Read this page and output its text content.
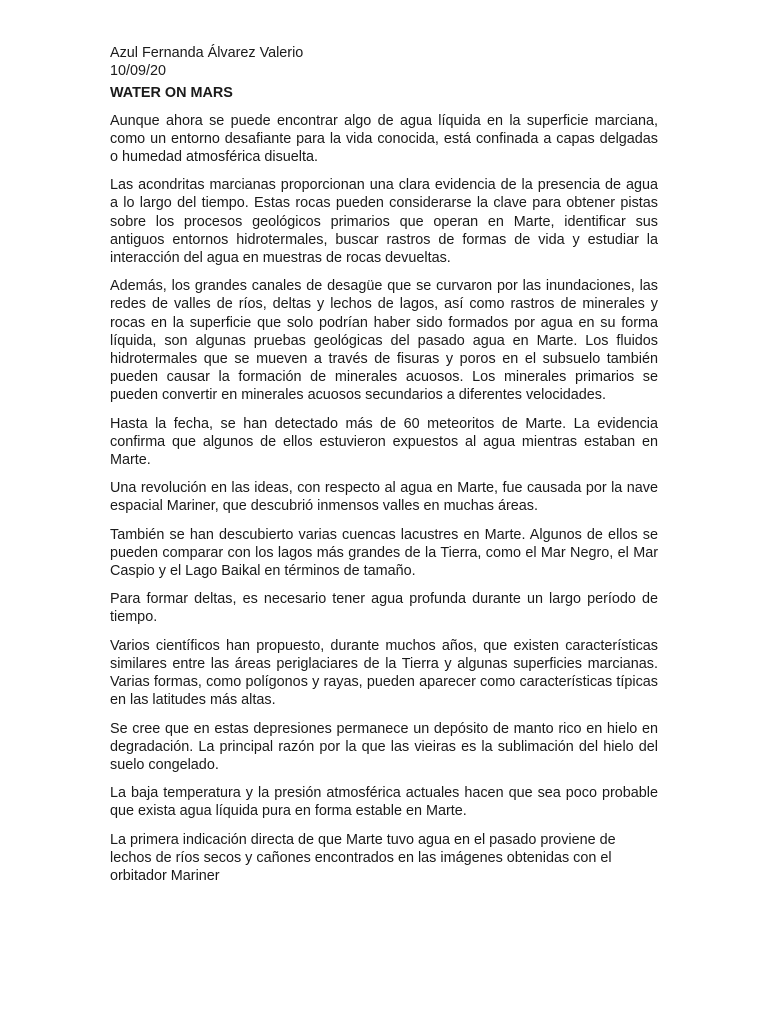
Azul Fernanda Álvarez Valerio

10/09/20

WATER ON MARS

Aunque ahora se puede encontrar algo de agua líquida en la superficie marciana, como un entorno desafiante para la vida conocida, está confinada a capas delgadas o humedad atmosférica disuelta.

Las acondritas marcianas proporcionan una clara evidencia de la presencia de agua a lo largo del tiempo. Estas rocas pueden considerarse la clave para obtener pistas sobre los procesos geológicos primarios que operan en Marte, identificar sus antiguos entornos hidrotermales, buscar rastros de formas de vida y estudiar la interacción del agua en muestras de rocas devueltas.

Además, los grandes canales de desagüe que se curvaron por las inundaciones, las redes de valles de ríos, deltas y lechos de lagos, así como rastros de minerales y rocas en la superficie que solo podrían haber sido formados por agua en su forma líquida, son algunas pruebas geológicas del pasado agua en Marte. Los fluidos hidrotermales que se mueven a través de fisuras y poros en el subsuelo también pueden causar la formación de minerales acuosos. Los minerales primarios se pueden convertir en minerales acuosos secundarios a diferentes velocidades.

Hasta la fecha, se han detectado más de 60 meteoritos de Marte. La evidencia confirma que algunos de ellos estuvieron expuestos al agua mientras estaban en Marte.

Una revolución en las ideas, con respecto al agua en Marte, fue causada por la nave espacial Mariner, que descubrió inmensos valles en muchas áreas.

También se han descubierto varias cuencas lacustres en Marte. Algunos de ellos se pueden comparar con los lagos más grandes de la Tierra, como el Mar Negro, el Mar Caspio y el Lago Baikal en términos de tamaño.

Para formar deltas, es necesario tener agua profunda durante un largo período de tiempo.

Varios científicos han propuesto, durante muchos años, que existen características similares entre las áreas periglaciares de la Tierra y algunas superficies marcianas. Varias formas, como polígonos y rayas, pueden aparecer como características típicas en las latitudes más altas.

Se cree que en estas depresiones permanece un depósito de manto rico en hielo en degradación. La principal razón por la que las vieiras es la sublimación del hielo del suelo congelado.

La baja temperatura y la presión atmosférica actuales hacen que sea poco probable que exista agua líquida pura en forma estable en Marte.

La primera indicación directa de que Marte tuvo agua en el pasado proviene de lechos de ríos secos y cañones encontrados en las imágenes obtenidas con el orbitador Mariner
